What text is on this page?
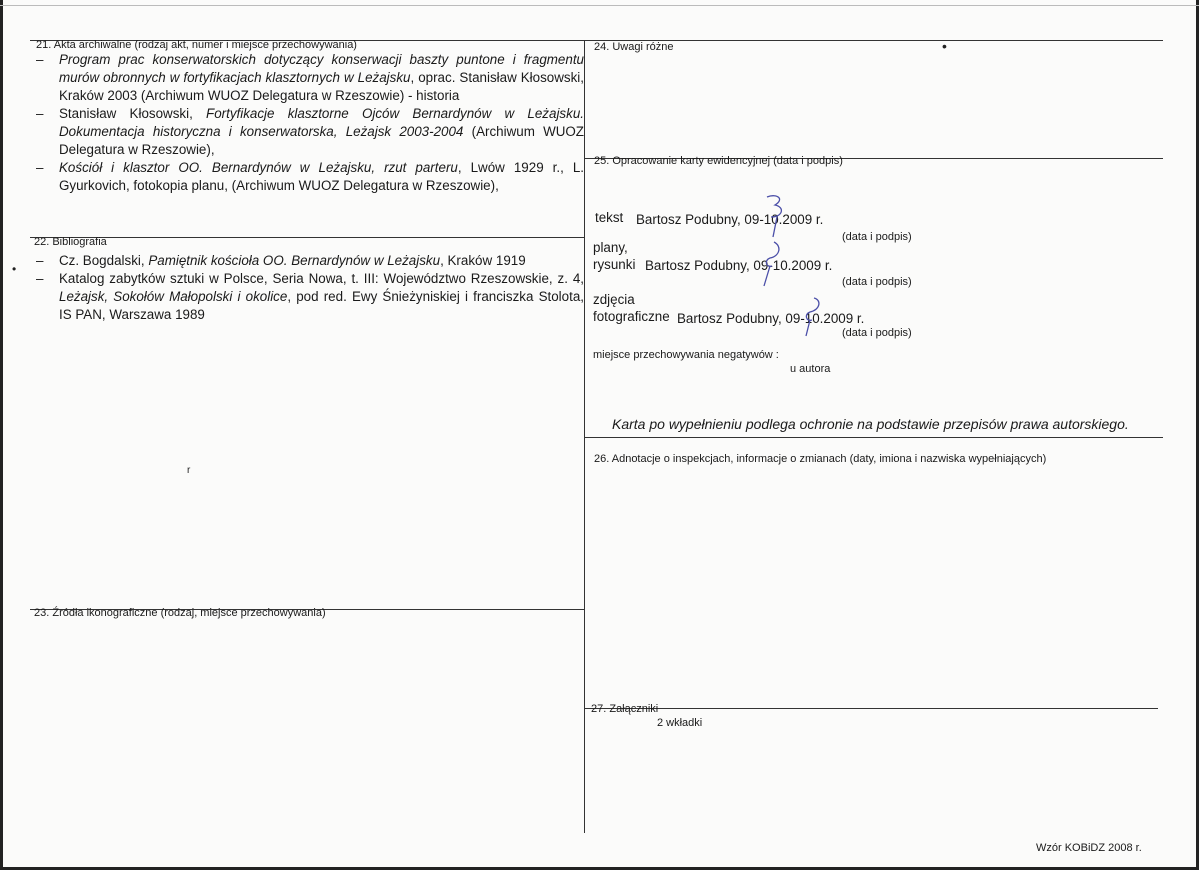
21. Akta archiwalne (rodzaj akt, numer i miejsce przechowywania)
– Program prac konserwatorskich dotyczący konserwacji baszty puntone i fragmentu murów obronnych w fortyfikacjach klasztornych w Leżajsku, oprac. Stanisław Kłosowski, Kraków 2003 (Archiwum WUOZ Delegatura w Rzeszowie) - historia
– Stanisław Kłosowski, Fortyfikacje klasztorne Ojców Bernardynów w Leżajsku. Dokumentacja historyczna i konserwatorska, Leżajsk 2003-2004 (Archiwum WUOZ Delegatura w Rzeszowie),
– Kościół i klasztor OO. Bernardynów w Leżajsku, rzut parteru, Lwów 1929 r., L. Gyurkovich, fotokopia planu, (Archiwum WUOZ Delegatura w Rzeszowie),
22. Bibliografia
•
– Cz. Bogdalski, Pamiętnik kościoła OO. Bernardynów w Leżajsku, Kraków 1919
– Katalog zabytków sztuki w Polsce, Seria Nowa, t. III: Województwo Rzeszowskie, z. 4, Leżajsk, Sokołów Małopolski i okolice, pod red. Ewy Śnieżyniskiej i franciszka Stolota, IS PAN, Warszawa 1989
23. Źródła ikonograficzne (rodzaj, miejsce przechowywania)
r
24. Uwagi różne	•
25. Opracowanie karty ewidencyjnej (data i podpis)
tekst Bartosz Podubny, 09-10.2009 r.
(data i podpis)
plany,
rysunki Bartosz Podubny, 09-10.2009 r.
(data i podpis)
zdjęcia
fotograficzne Bartosz Podubny, 09-10.2009 r.
(data i podpis)
miejsce przechowywania negatywów :
u autora
Karta po wypełnieniu podlega ochronie na podstawie przepisów prawa autorskiego.
26. Adnotacje o inspekcjach, informacje o zmianach (daty, imiona i nazwiska wypełniających)
27. Załączniki
2 wkładki
Wzór KOBiDZ 2008 r.
